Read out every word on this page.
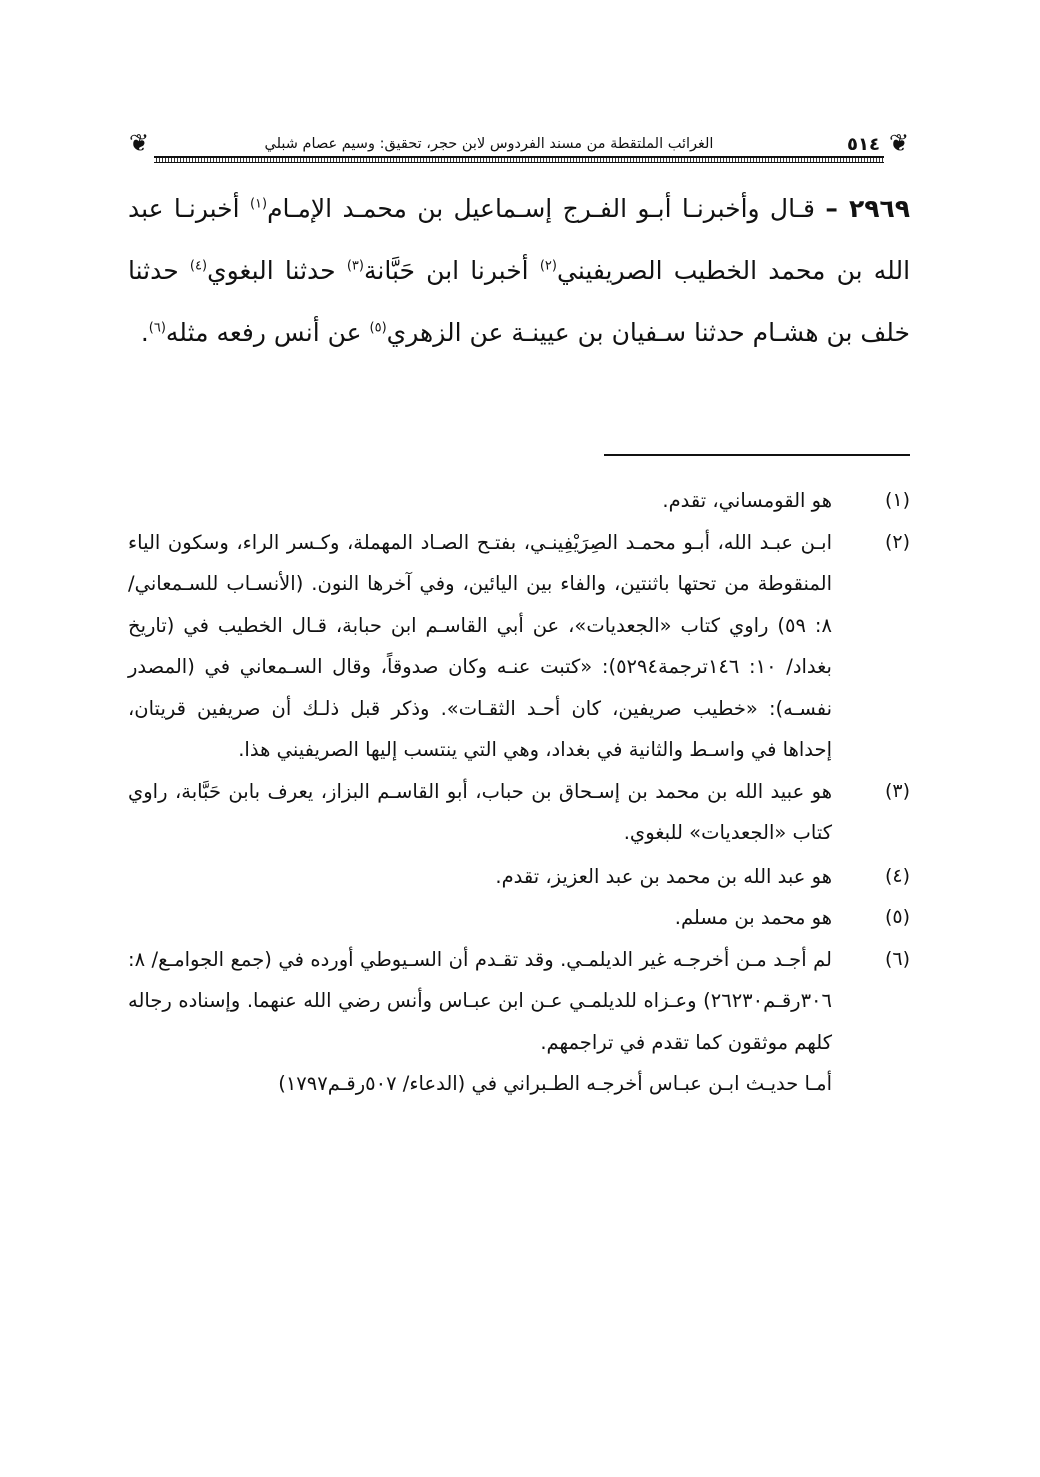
❦
٥١٤
الغرائب الملتقطة من مسند الفردوس لابن حجر، تحقيق: وسيم عصام شبلي
❦
٢٩٦٩ – قـال وأخبرنـا أبـو الفـرج إسـماعيل بن محمـد الإمـام$^{(١)}$ أخبرنـا عبد الله بن محمد الخطيب الصريفيني$^{(٢)}$ أخبرنا ابن حَبَّانة$^{(٣)}$ حدثنا البغوي$^{(٤)}$ حدثنا خلف بن هشـام حدثنا سـفيان بن عيينـة عن الزهري$^{(٥)}$ عن أنس رفعه مثله$^{(٦)}$.
(١)
هو القومساني، تقدم.
(٢)
ابـن عبـد الله، أبـو محمـد الصِرَيْفِينـي، بفتـح الصـاد المهملة، وكـسر الراء، وسكون الياء المنقوطة من تحتها باثنتين، والفاء بين اليائين، وفي آخرها النون. (الأنسـاب للسـمعاني/ ٨: ٥٩) راوي كتاب «الجعديات»، عن أبي القاسـم ابن حبابة، قـال الخطيب في (تاريخ بغداد/ ١٠: ١٤٦ترجمة٥٢٩٤): «كتبت عنـه وكان صدوقاً، وقال السـمعاني في (المصدر نفسـه): «خطيب صريفين، كان أحـد الثقـات». وذكر قبل ذلـك أن صريفين قريتان، إحداها في واسـط والثانية في بغداد، وهي التي ينتسب إليها الصريفيني هذا.
(٣)
هو عبيد الله بن محمد بن إسـحاق بن حباب، أبو القاسـم البزاز، يعرف بابن حَبَّابة، راوي كتاب «الجعديات» للبغوي.
(٤)
هو عبد الله بن محمد بن عبد العزيز، تقدم.
(٥)
هو محمد بن مسلم.
(٦)
لم أجـد مـن أخرجـه غير الديلمـي. وقد تقـدم أن السـيوطي أورده في (جمع الجوامـع/ ٨: ٣٠٦رقـم٢٦٢٣٠) وعـزاه للديلمـي عـن ابن عبـاس وأنس رضي الله عنهما. وإسناده رجاله كلهم موثقون كما تقدم في تراجمهم.
أمـا حديـث ابـن عبـاس أخرجـه الطـبراني في (الدعاء/ ٥٠٧رقـم١٧٩٧)
